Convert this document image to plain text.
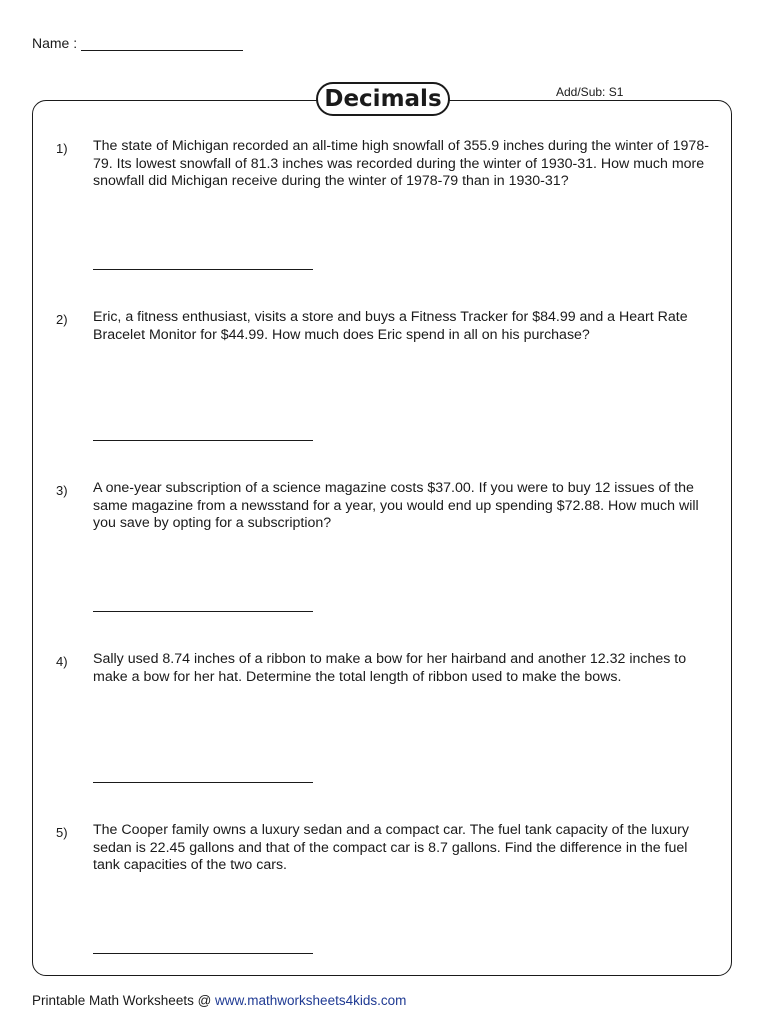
Name :
Decimals	Add/Sub: S1
1) The state of Michigan recorded an all-time high snowfall of 355.9 inches during the winter of 1978-79. Its lowest snowfall of 81.3 inches was recorded during the winter of 1930-31. How much more snowfall did Michigan receive during the winter of 1978-79 than in 1930-31?
2) Eric, a fitness enthusiast, visits a store and buys a Fitness Tracker for $84.99 and a Heart Rate Bracelet Monitor for $44.99. How much does Eric spend in all on his purchase?
3) A one-year subscription of a science magazine costs $37.00. If you were to buy 12 issues of the same magazine from a newsstand for a year, you would end up spending $72.88. How much will you save by opting for a subscription?
4) Sally used 8.74 inches of a ribbon to make a bow for her hairband and another 12.32 inches to make a bow for her hat. Determine the total length of ribbon used to make the bows.
5) The Cooper family owns a luxury sedan and a compact car. The fuel tank capacity of the luxury sedan is 22.45 gallons and that of the compact car is 8.7 gallons. Find the difference in the fuel tank capacities of the two cars.
Printable Math Worksheets @ www.mathworksheets4kids.com
